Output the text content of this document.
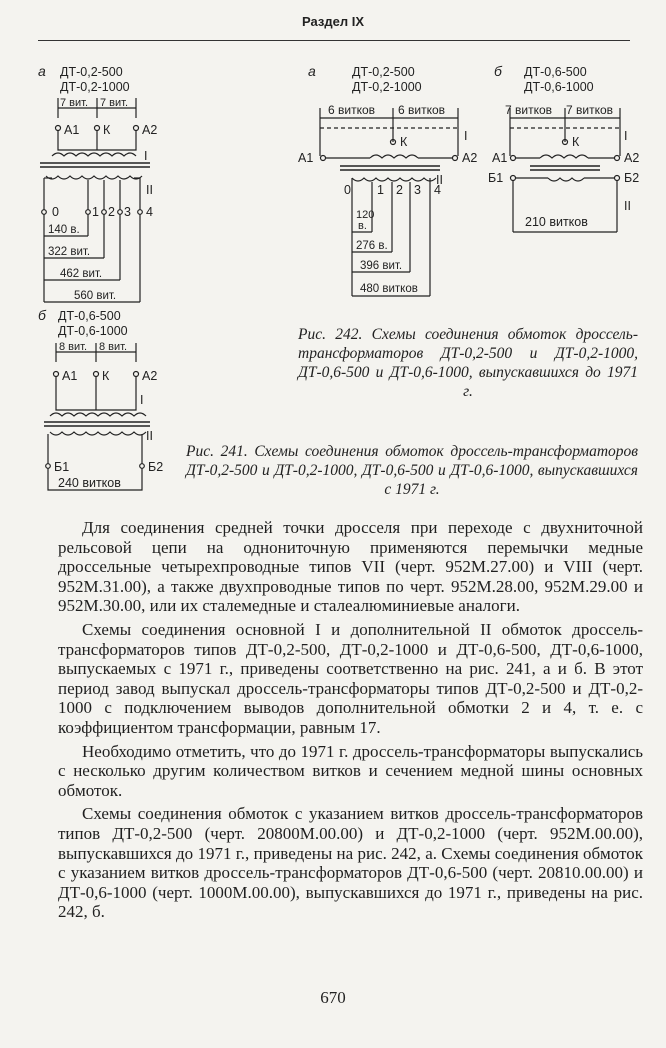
Раздел IX
а ДТ-0,2-500
ДТ-0,2-1000
7 вит. 7 вит.
А1 К	А2
I
II
0	1 2 3 4
140 в.
322 вит.
462 вит.
560 вит.
б ДТ-0,6-500
ДТ-0,6-1000
8 вит. 8 вит.
А1 К	А2
I
II
Б1	Б2
240 витков
а	ДТ-0,2-500
ДТ-0,2-1000
6 витков 6 витков
К	I
А1	А2
II
0 1 2 3 4
120
в.
276 в.
396 вит.
480 витков
б ДТ-0,6-500
ДТ-0,6-1000
7 витков 7 витков
К	I
А1	А2
Б1	Б2
II
210 витков
Рис. 242. Схемы соединения обмоток дроссель-трансформаторов ДТ-0,2-500 и ДТ-0,2-1000, ДТ-0,6-500 и ДТ-0,6-1000, выпускавшихся до 1971 г.
Рис. 241. Схемы соединения обмоток дроссель-трансформаторов ДТ-0,2-500 и ДТ-0,2-1000, ДТ-0,6-500 и ДТ-0,6-1000, выпускавшихся с 1971 г.

Для соединения средней точки дросселя при переходе с двухниточной рельсовой цепи на однониточную применяются перемычки медные дроссельные четырехпроводные типов VII (черт. 952М.27.00) и VIII (черт. 952М.31.00), а также двухпроводные типов по черт. 952М.28.00, 952М.29.00 и 952М.30.00, или их сталемедные и сталеалюминиевые аналоги.

Схемы соединения основной I и дополнительной II обмоток дроссель-трансформаторов типов ДТ-0,2-500, ДТ-0,2-1000 и ДТ-0,6-500, ДТ-0,6-1000, выпускаемых с 1971 г., приведены соответственно на рис. 241, а и б. В этот период завод выпускал дроссель-трансформаторы типов ДТ-0,2-500 и ДТ-0,2-1000 с подключением выводов дополнительной обмотки 2 и 4, т. е. с коэффициентом трансформации, равным 17.

Необходимо отметить, что до 1971 г. дроссель-трансформаторы выпускались с несколько другим количеством витков и сечением медной шины основных обмоток.

Схемы соединения обмоток с указанием витков дроссель-трансформаторов типов ДТ-0,2-500 (черт. 20800М.00.00) и ДТ-0,2-1000 (черт. 952М.00.00), выпускавшихся до 1971 г., приведены на рис. 242, а. Схемы соединения обмоток с указанием витков дроссель-трансформаторов ДТ-0,6-500 (черт. 20810.00.00) и ДТ-0,6-1000 (черт. 1000М.00.00), выпускавшихся до 1971 г., приведены на рис. 242, б.

670
